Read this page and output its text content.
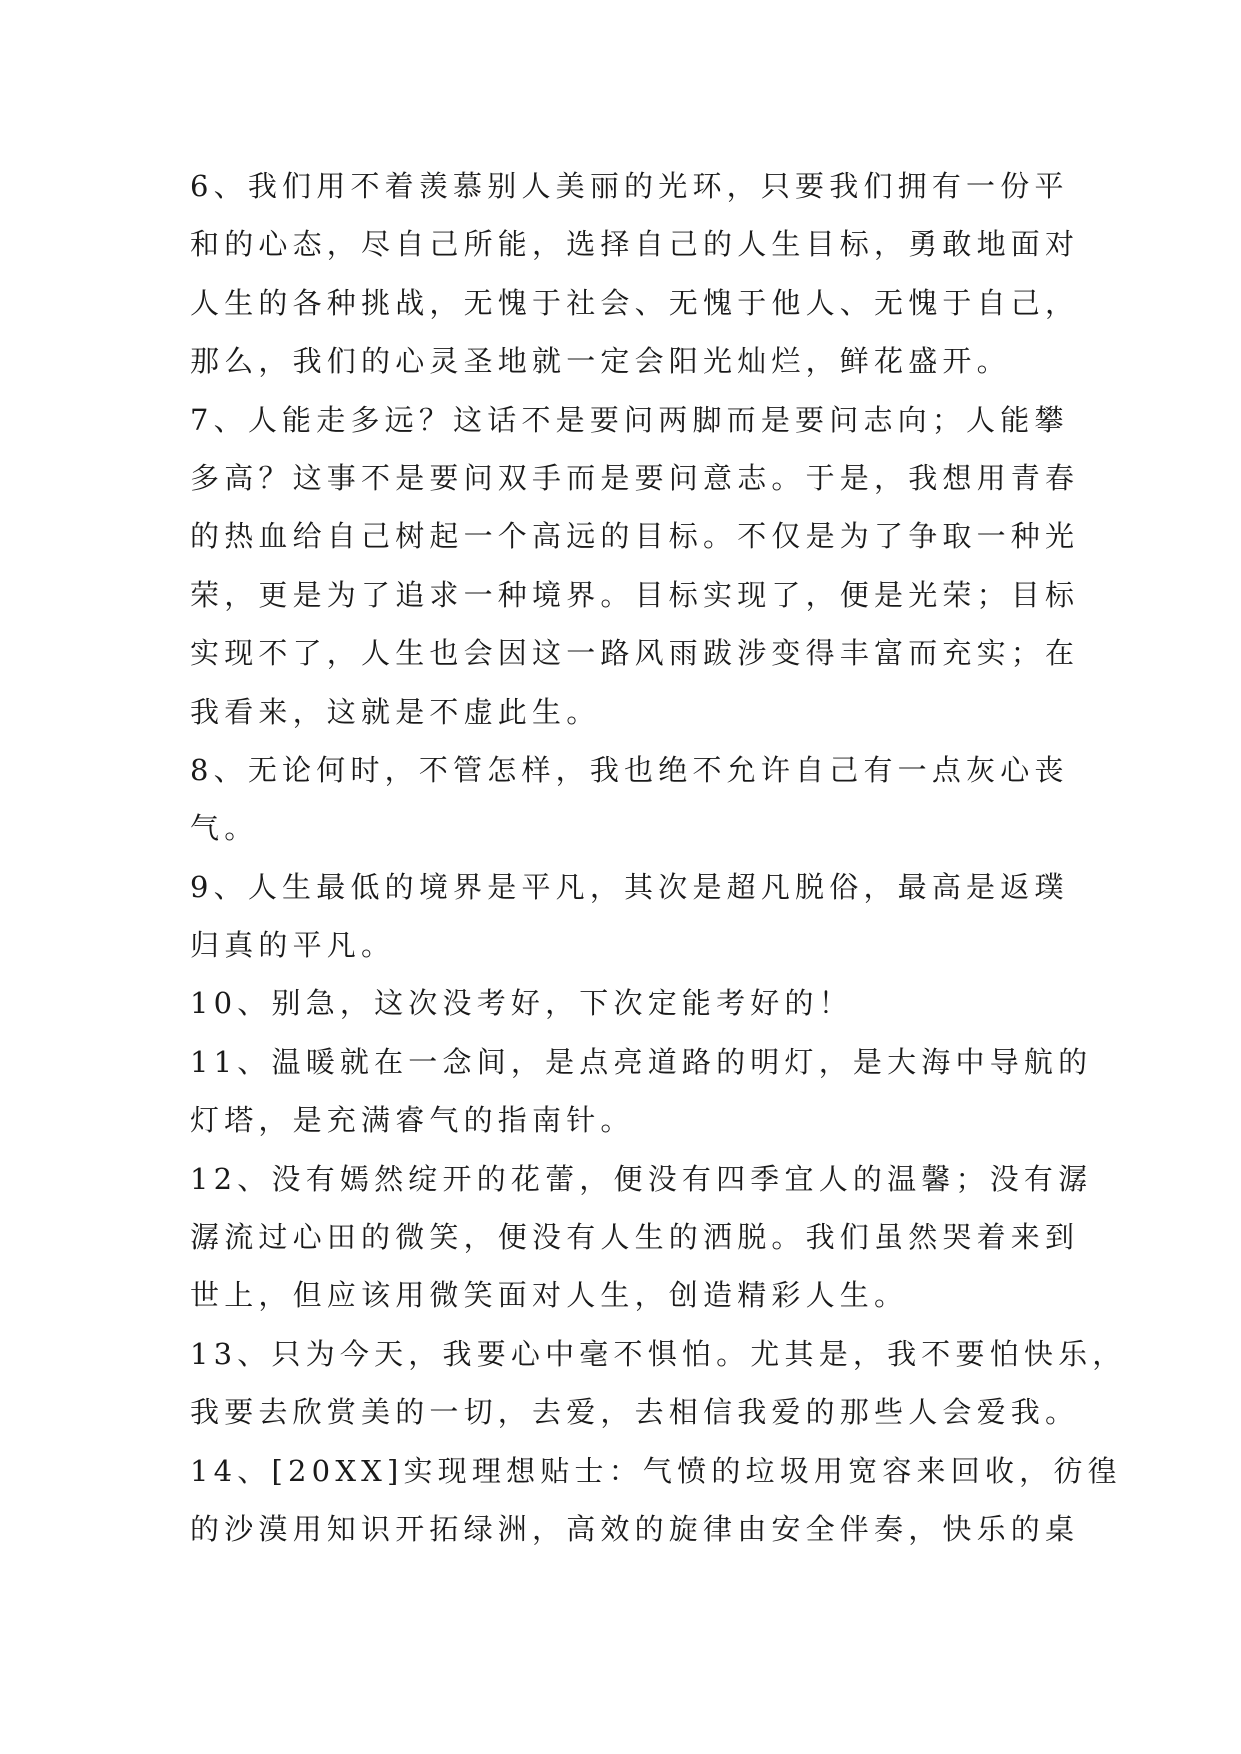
6、我们用不着羡慕别人美丽的光环，只要我们拥有一份平
和的心态，尽自己所能，选择自己的人生目标，勇敢地面对
人生的各种挑战，无愧于社会、无愧于他人、无愧于自己，
那么，我们的心灵圣地就一定会阳光灿烂，鲜花盛开。
7、人能走多远？这话不是要问两脚而是要问志向；人能攀
多高？这事不是要问双手而是要问意志。于是，我想用青春
的热血给自己树起一个高远的目标。不仅是为了争取一种光
荣，更是为了追求一种境界。目标实现了，便是光荣；目标
实现不了，人生也会因这一路风雨跋涉变得丰富而充实；在
我看来，这就是不虚此生。
8、无论何时，不管怎样，我也绝不允许自己有一点灰心丧
气。
9、人生最低的境界是平凡，其次是超凡脱俗，最高是返璞
归真的平凡。
10、别急，这次没考好，下次定能考好的！
11、温暖就在一念间，是点亮道路的明灯，是大海中导航的
灯塔，是充满睿气的指南针。
12、没有嫣然绽开的花蕾，便没有四季宜人的温馨；没有潺
潺流过心田的微笑，便没有人生的洒脱。我们虽然哭着来到
世上，但应该用微笑面对人生，创造精彩人生。
13、只为今天，我要心中毫不惧怕。尤其是，我不要怕快乐，
我要去欣赏美的一切，去爱，去相信我爱的那些人会爱我。
14、[20XX]实现理想贴士：气愤的垃圾用宽容来回收，彷徨
的沙漠用知识开拓绿洲，高效的旋律由安全伴奏，快乐的桌
